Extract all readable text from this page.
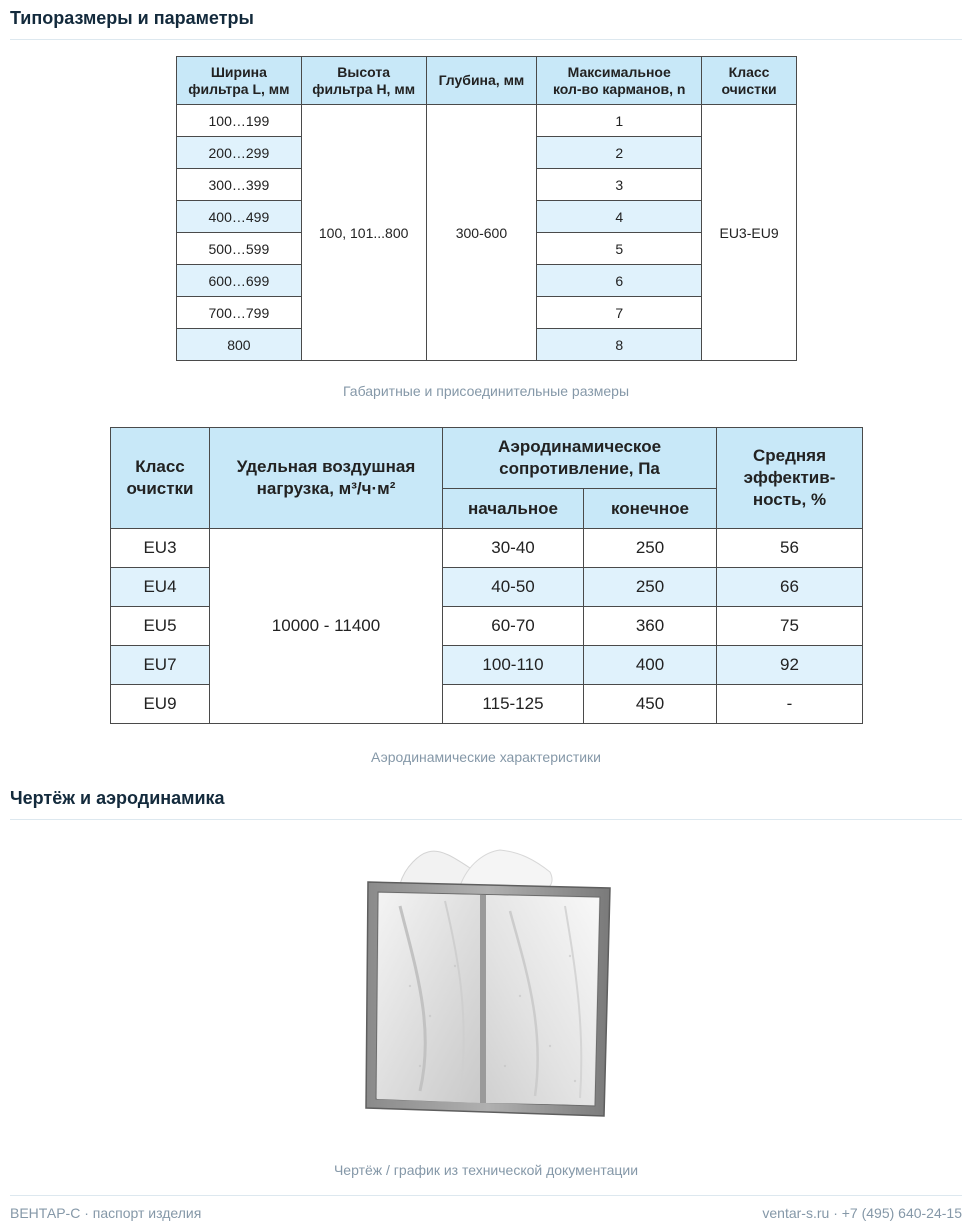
Типоразмеры и параметры
Ширина
фильтра L, мм	Высота
фильтра H, мм	Глубина, мм	Максимальное
кол-во карманов, n	Класс
очистки
100…199	100, 101...800	300-600	1	EU3-EU9
200…299			2	
300…399			3	
400…499			4	
500…599			5	
600…699			6	
700…799			7	
800			8	
Габаритные и присоединительные размеры
Класс
очистки	Удельная воздушная
нагрузка, м³/ч·м²	Аэродинамическое
сопротивление, Па		Средняя
эффектив-
ность, %
		начальное	конечное	
EU3	10000 - 11400	30-40	250	56
EU4		40-50	250	66
EU5		60-70	360	75
EU7		100-110	400	92
EU9		115-125	450	-
Аэродинамические характеристики
Чертёж и аэродинамика
Чертёж / график из технической документации
ВЕНТАР-С · паспорт изделия	ventar-s.ru · +7 (495) 640-24-15
